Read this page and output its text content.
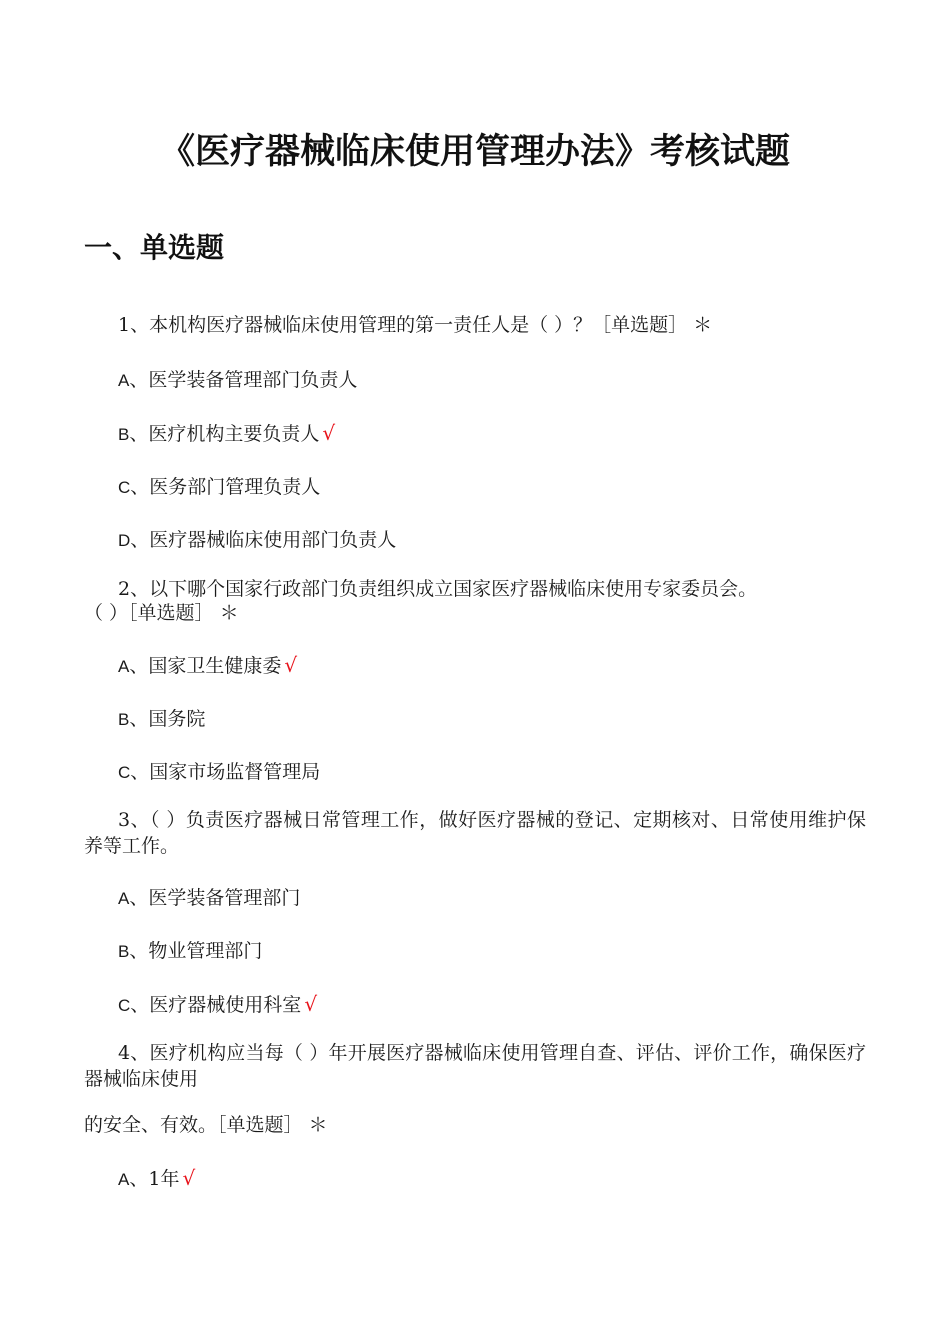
《医疗器械临床使用管理办法》考核试题
一、单选题
1、本机构医疗器械临床使用管理的第一责任人是（ ）？［单选题］ ＊
A、医学装备管理部门负责人
B、医疗机构主要负责人 √
C、医务部门管理负责人
D、医疗器械临床使用部门负责人
2、以下哪个国家行政部门负责组织成立国家医疗器械临床使用专家委员会。
（ ）［单选题］ ＊
A、国家卫生健康委 √
B、国务院
C、国家市场监督管理局
3、（ ）负责医疗器械日常管理工作，做好医疗器械的登记、定期核对、日常使用维护保养等工作。
A、医学装备管理部门
B、物业管理部门
C、医疗器械使用科室 √
4、医疗机构应当每（ ）年开展医疗器械临床使用管理自查、评估、评价工作，确保医疗器械临床使用
的安全、有效。［单选题］ ＊
A、1年 √
